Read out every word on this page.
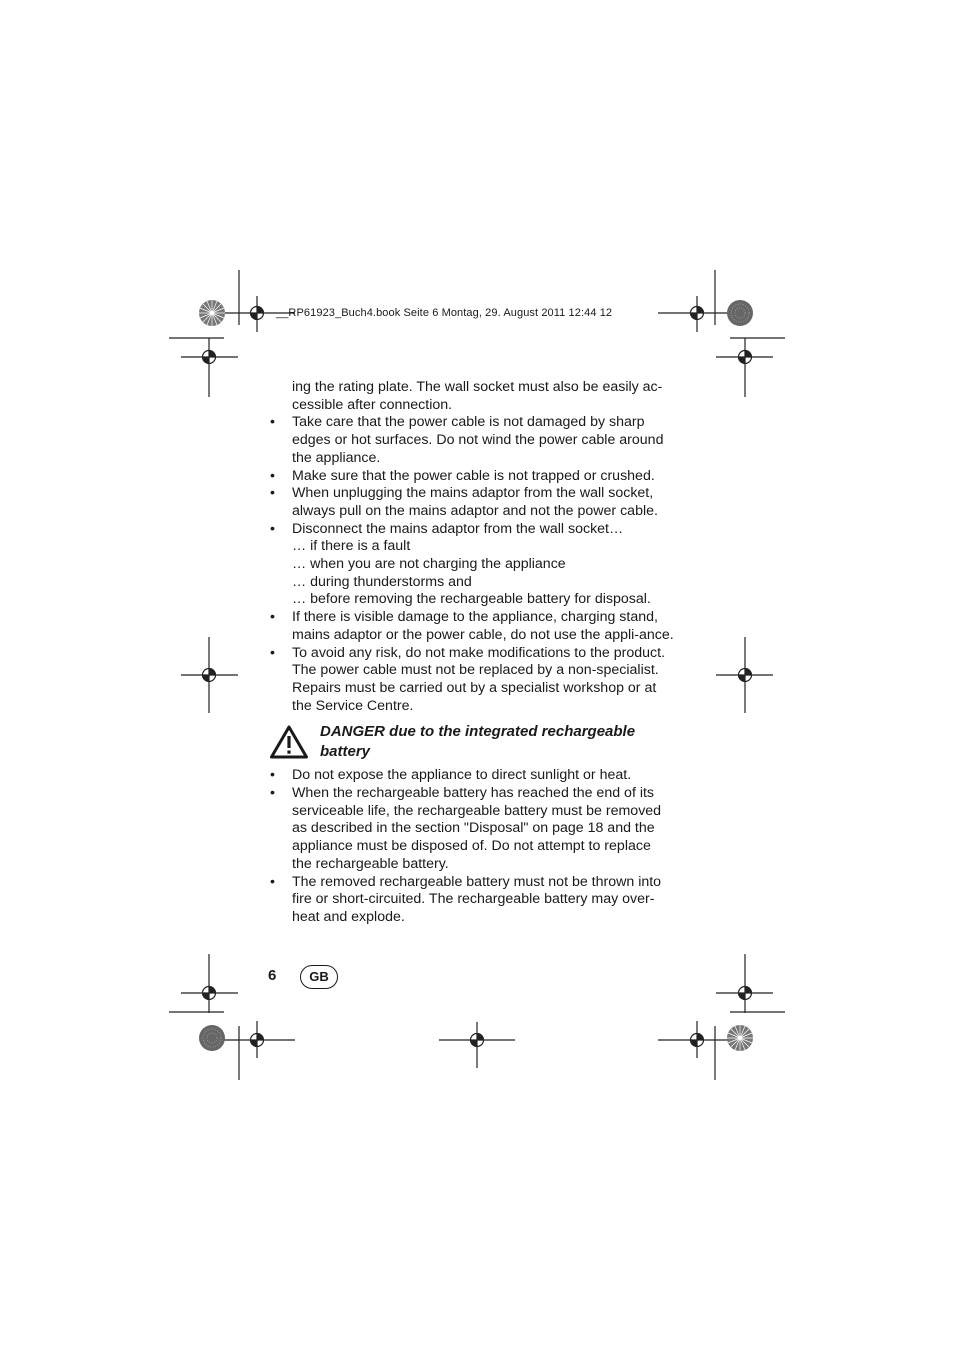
__RP61923_Buch4.book Seite 6 Montag, 29. August 2011 12:44 12

ing the rating plate. The wall socket must also be easily ac-cessible after connection.

•	Take care that the power cable is not damaged by sharp edges or hot surfaces. Do not wind the power cable around the appliance.

•	Make sure that the power cable is not trapped or crushed.

•	When unplugging the mains adaptor from the wall socket, always pull on the mains adaptor and not the power cable.

•	Disconnect the mains adaptor from the wall socket…

… if there is a fault

… when you are not charging the appliance

… during thunderstorms and

… before removing the rechargeable battery for disposal.

•	If there is visible damage to the appliance, charging stand, mains adaptor or the power cable, do not use the appli-ance.

•	To avoid any risk, do not make modifications to the product. The power cable must not be replaced by a non-specialist. Repairs must be carried out by a specialist workshop or at the Service Centre.

DANGER due to the integrated rechargeable
battery

•	Do not expose the appliance to direct sunlight or heat.

•	When the rechargeable battery has reached the end of its serviceable life, the rechargeable battery must be removed as described in the section "Disposal" on page 18 and the appliance must be disposed of. Do not attempt to replace the rechargeable battery.

•	The removed rechargeable battery must not be thrown into fire or short-circuited. The rechargeable battery may over-heat and explode.

6	GB
